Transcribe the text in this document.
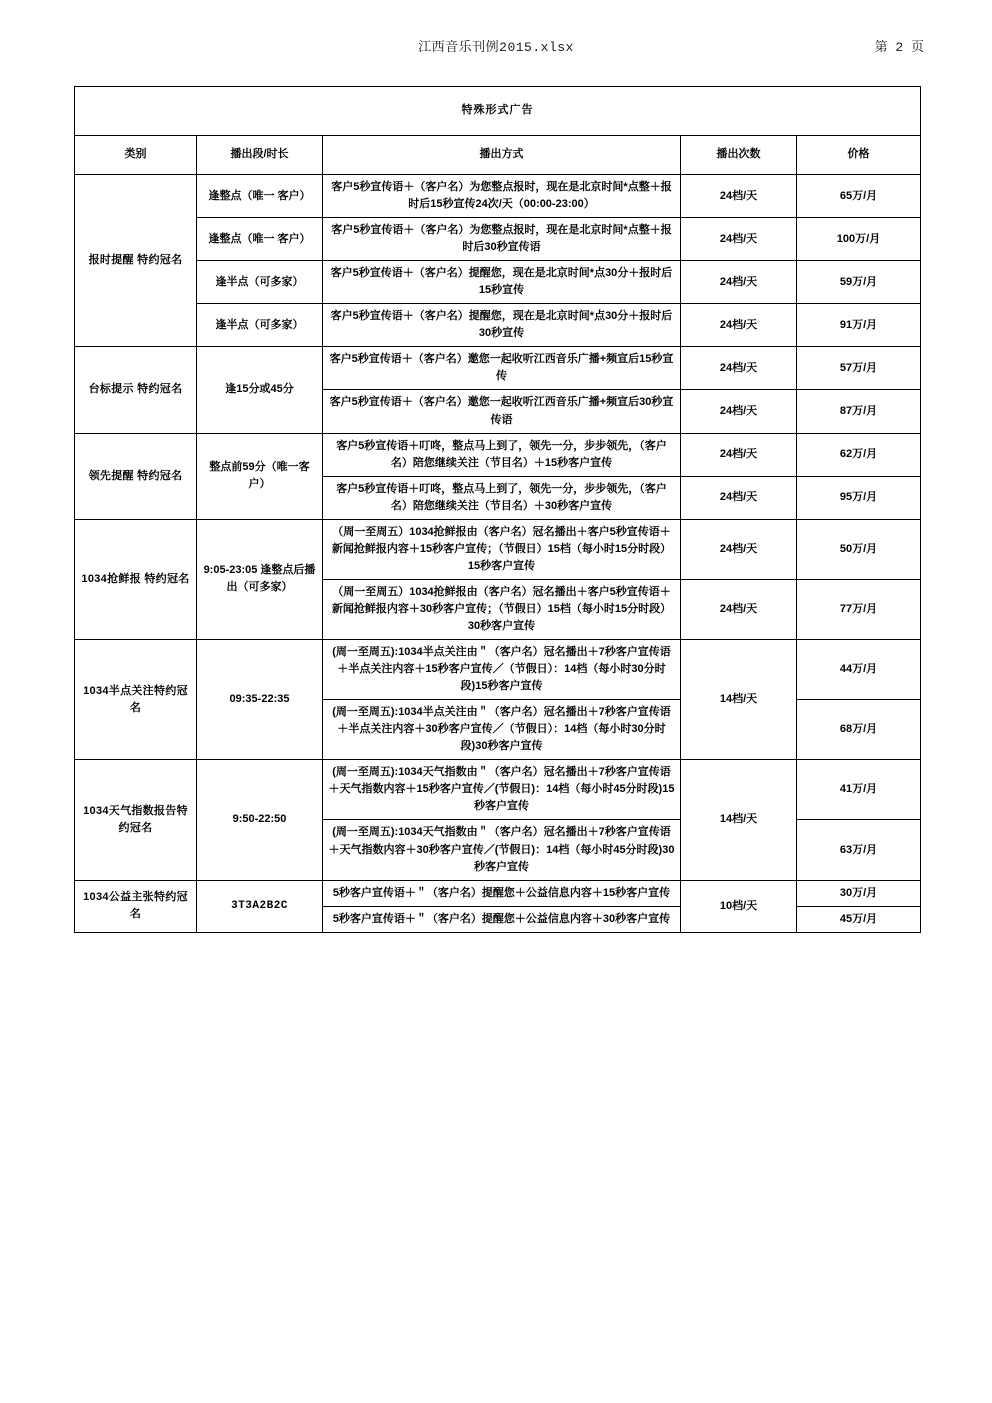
江西音乐刊例2015.xlsx	第 2 页
特殊形式广告				
类别	播出段/时长	播出方式	播出次数	价格
报时提醒 特约冠名	逢整点（唯一 客户）	客户5秒宣传语＋（客户名）为您整点报时，现在是北京时间*点整＋报时后15秒宣传24次/天（00:00-23:00）	24档/天	65万/月
	逢整点（唯一 客户）	客户5秒宣传语＋（客户名）为您整点报时，现在是北京时间*点整＋报时后30秒宣传语	24档/天	100万/月
	逢半点（可多家）	客户5秒宣传语＋（客户名）提醒您，现在是北京时间*点30分＋报时后15秒宣传	24档/天	59万/月
	逢半点（可多家）	客户5秒宣传语＋（客户名）提醒您，现在是北京时间*点30分＋报时后30秒宣传	24档/天	91万/月
台标提示 特约冠名	逢15分或45分	客户5秒宣传语＋（客户名）邀您一起收听江西音乐广播+频宣后15秒宣传	24档/天	57万/月
		客户5秒宣传语＋（客户名）邀您一起收听江西音乐广播+频宣后30秒宣传语	24档/天	87万/月
领先提醒 特约冠名	整点前59分（唯一客户）	客户5秒宣传语＋叮咚，整点马上到了，领先一分，步步领先，（客户名）陪您继续关注（节目名）＋15秒客户宣传	24档/天	62万/月
		客户5秒宣传语＋叮咚，整点马上到了，领先一分，步步领先，（客户名）陪您继续关注（节目名）＋30秒客户宣传	24档/天	95万/月
1034抢鲜报 特约冠名	9:05-23:05 逢整点后播出（可多家）	（周一至周五）1034抢鲜报由（客户名）冠名播出＋客户5秒宣传语＋新闻抢鲜报内容＋15秒客户宣传；（节假日）15档（每小时15分时段）15秒客户宣传	24档/天	50万/月
		（周一至周五）1034抢鲜报由（客户名）冠名播出＋客户5秒宣传语＋新闻抢鲜报内容＋30秒客户宣传；（节假日）15档（每小时15分时段）30秒客户宣传	24档/天	77万/月
1034半点关注特约冠名	09:35-22:35	(周一至周五):1034半点关注由＂（客户名）冠名播出＋7秒客户宣传语＋半点关注内容＋15秒客户宣传／（节假日）：14档（每小时30分时段)15秒客户宣传	14档/天	44万/月
		(周一至周五):1034半点关注由＂（客户名）冠名播出＋7秒客户宣传语＋半点关注内容＋30秒客户宣传／（节假日）：14档（每小时30分时段)30秒客户宣传		68万/月
1034天气指数报告特约冠名	9:50-22:50	(周一至周五):1034天气指数由＂（客户名）冠名播出＋7秒客户宣传语＋天气指数内容＋15秒客户宣传／(节假日)：14档（每小时45分时段)15秒客户宣传	14档/天	41万/月
		(周一至周五):1034天气指数由＂（客户名）冠名播出＋7秒客户宣传语＋天气指数内容＋30秒客户宣传／(节假日)：14档（每小时45分时段)30秒客户宣传		63万/月
1034公益主张特约冠名	3T3A2B2C	5秒客户宣传语＋＂（客户名）提醒您＋公益信息内容＋15秒客户宣传	10档/天	30万/月
		5秒客户宣传语＋＂（客户名）提醒您＋公益信息内容＋30秒客户宣传		45万/月
